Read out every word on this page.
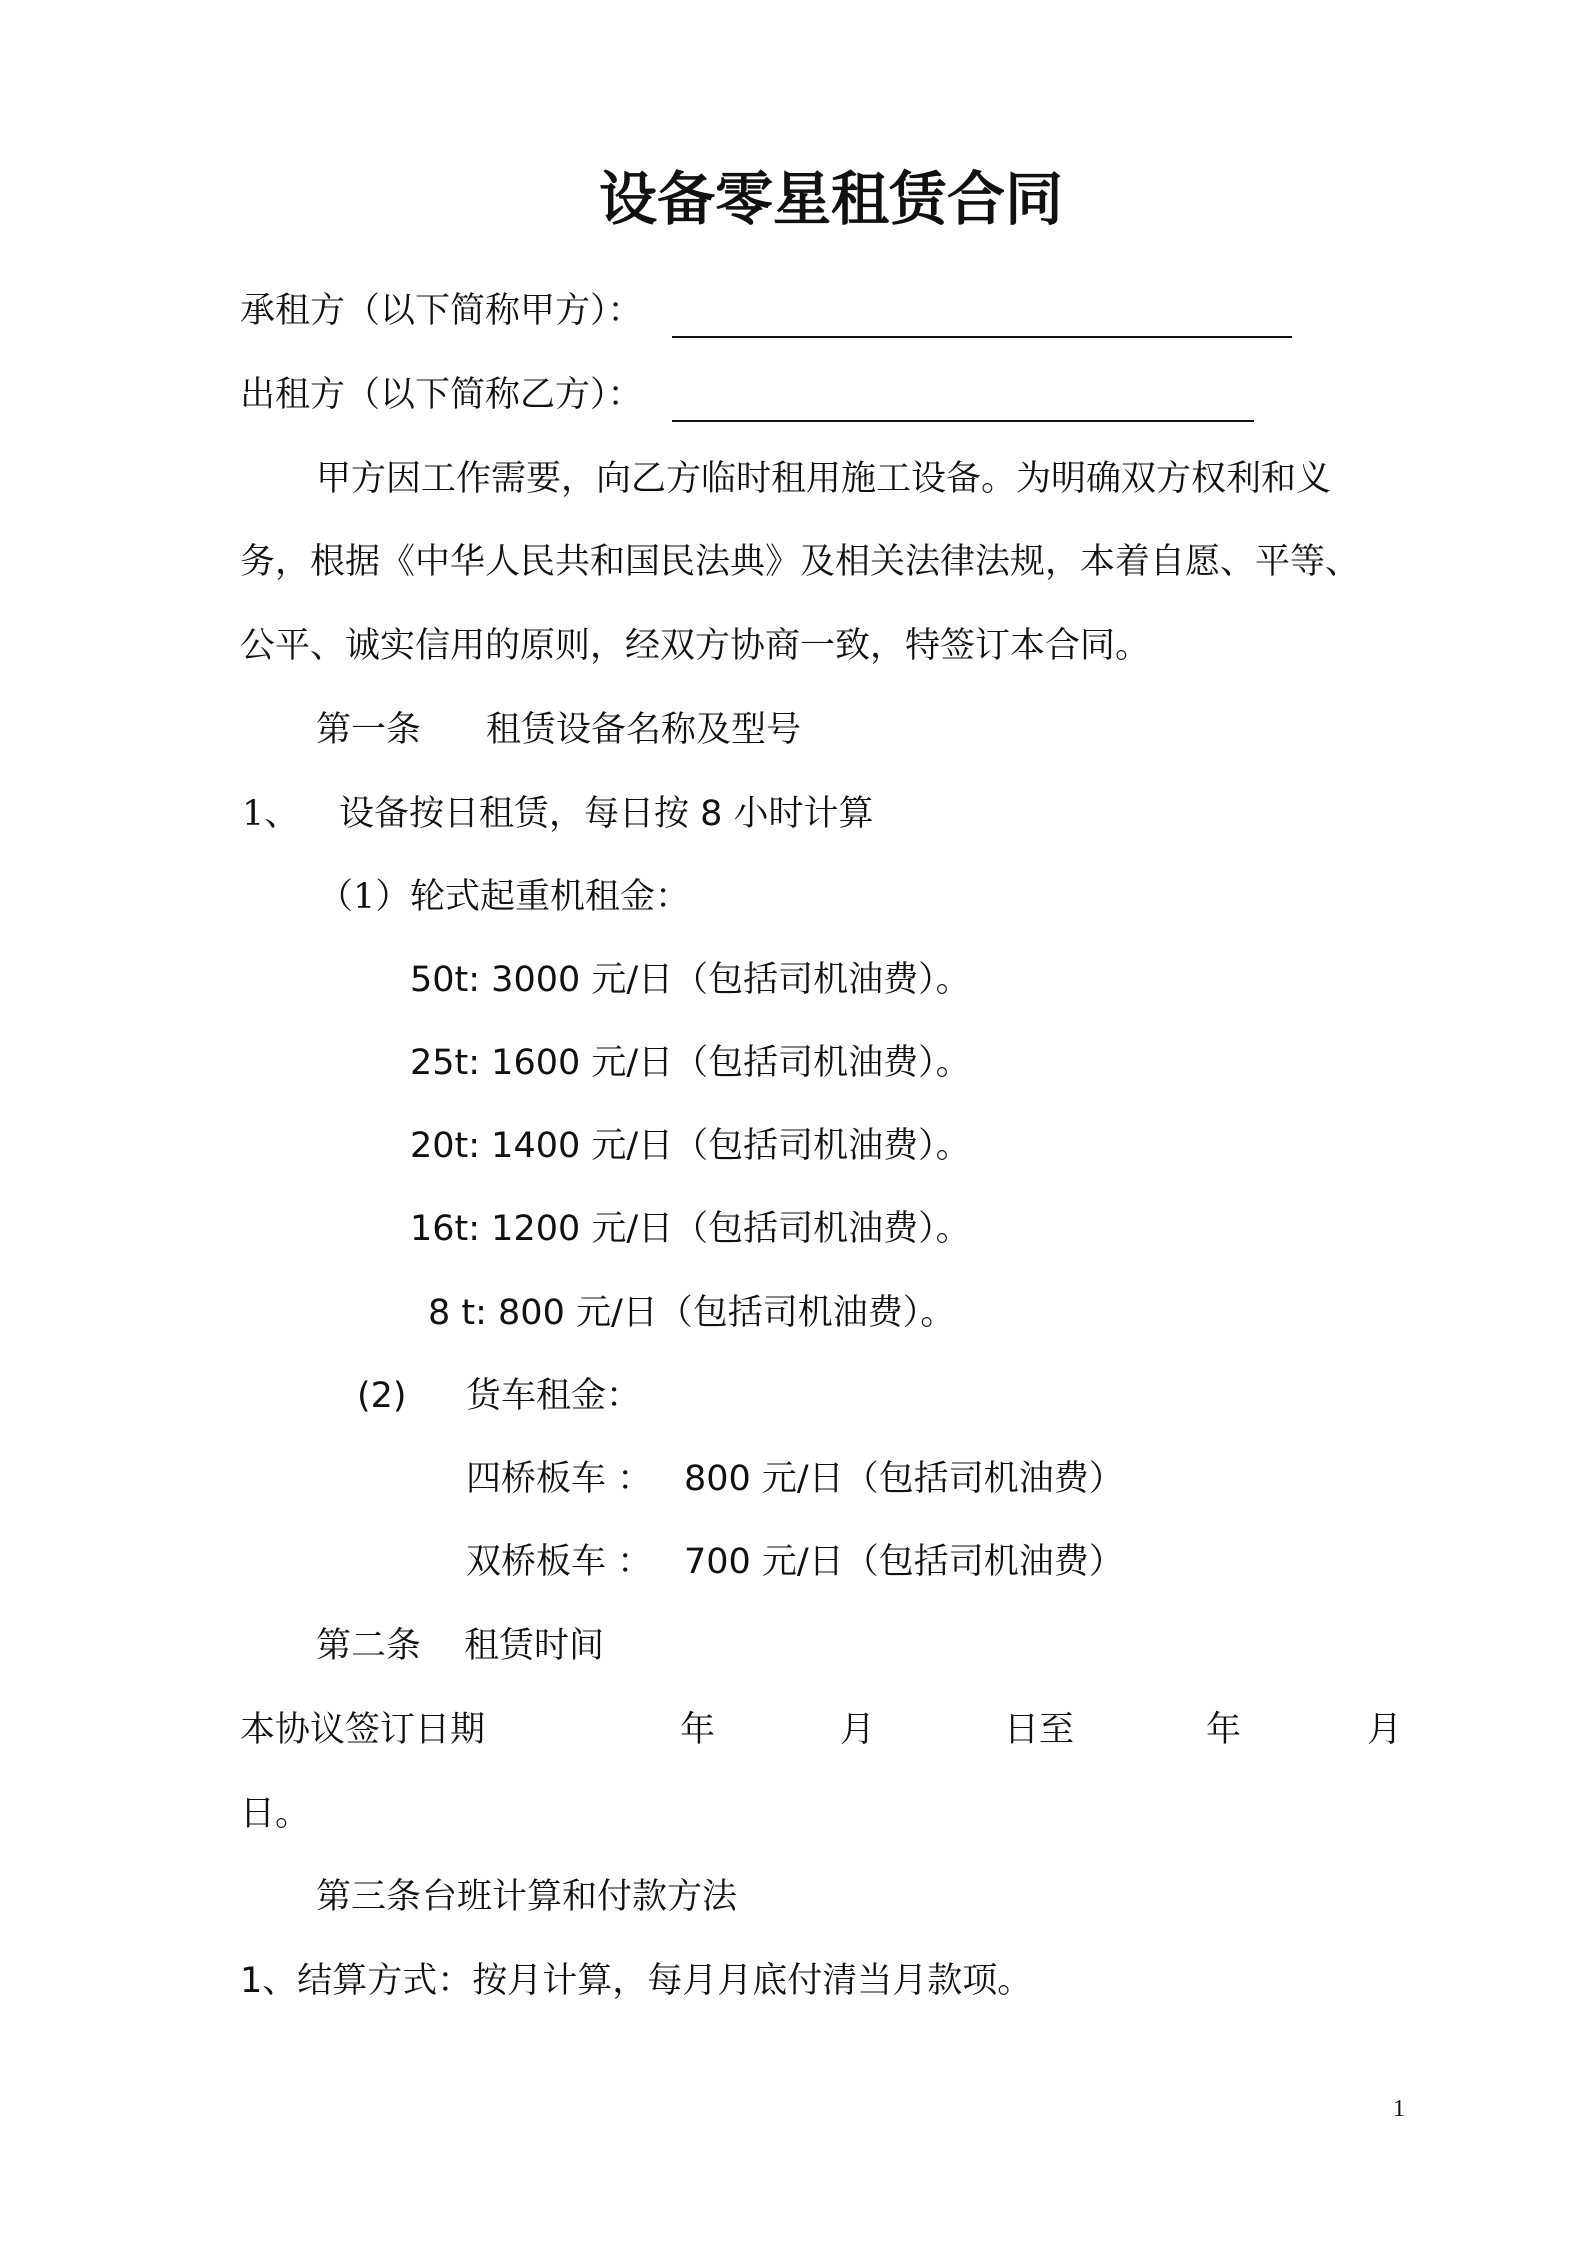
设备零星租赁合同
承租方（以下简称甲方）：
出租方（以下简称乙方）：
甲方因工作需要，向乙方临时租用施工设备。为明确双方权利和义
务，根据《中华人民共和国民法典》及相关法律法规，本着自愿、平等、
公平、诚实信用的原则，经双方协商一致，特签订本合同。
第一条 租赁设备名称及型号
1、 设备按日租赁，每日按 8 小时计算
（1） 轮式起重机租金：
50t: 3000 元/日（包括司机油费）。
25t: 1600 元/日（包括司机油费）。
20t: 1400 元/日（包括司机油费）。
16t: 1200 元/日（包括司机油费）。
8 t: 800 元/日（包括司机油费）。
(2) 货车租金：
四桥板车 ： 800 元/日（包括司机油费）
双桥板车 ： 700 元/日（包括司机油费）
第二条 租赁时间
本协议签订日期	年	月	日至	年	月
日。
第三条 台班计算和付款方法
1、结算方式：按月计算，每月月底付清当月款项。
1
